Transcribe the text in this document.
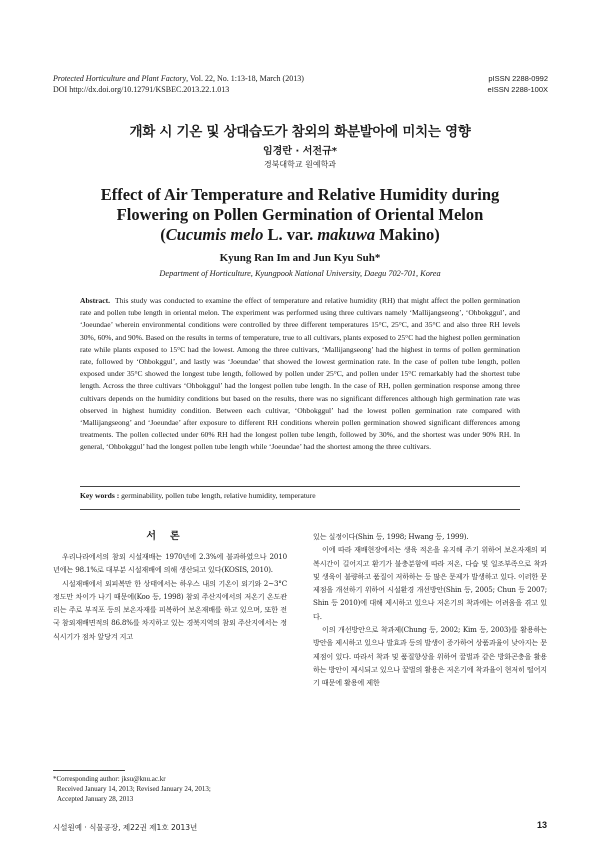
Protected Horticulture and Plant Factory, Vol. 22, No. 1:13-18, March (2013)
DOI http://dx.doi.org/10.12791/KSBEC.2013.22.1.013
pISSN 2288-0992
eISSN 2288-100X
개화 시 기온 및 상대습도가 참외의 화분발아에 미치는 영향
임경란 · 서전규*
경북대학교 원예학과
Effect of Air Temperature and Relative Humidity during
Flowering on Pollen Germination of Oriental Melon
(Cucumis melo L. var. makuwa Makino)
Kyung Ran Im and Jun Kyu Suh*
Department of Horticulture, Kyungpook National University, Daegu 702-701, Korea
Abstract. This study was conducted to examine the effect of temperature and relative humidity (RH) that might affect the pollen germination rate and pollen tube length in oriental melon. The experiment was performed using three cultivars namely ‘Mallijangseong’, ‘Ohbokggul’, and ‘Joeundae’ wherein environmental conditions were controlled by three different temperatures 15°C, 25°C, and 35°C and also three RH levels 30%, 60%, and 90%. Based on the results in terms of temperature, true to all cultivars, plants exposed to 25°C had the highest pollen germination rate while plants exposed to 15°C had the lowest. Among the three cultivars, ‘Mallijangseong’ had the highest in terms of pollen germination rate, followed by ‘Ohbokggul’, and lastly was ‘Joeundae’ that showed the lowest germination rate. In the case of pollen tube length, pollen exposed under 35°C showed the longest tube length, followed by pollen under 25°C, and pollen under 15°C remarkably had the shortest tube length. Across the three cultivars ‘Ohbokggul’ had the longest pollen tube length. In the case of RH, pollen germination response among three cultivars depends on the humidity conditions but based on the results, there was no significant differences although high germination rate was observed in highest humidity condition. Between each cultivar, ‘Ohbokggul’ had the lowest pollen germination rate compared with ‘Mallijangseong’ and ‘Joeundae’ after exposure to different RH conditions wherein pollen germination showed significant differences among treatments. The pollen collected under 60% RH had the longest pollen tube length, followed by 30%, and the shortest was under 90% RH. In general, ‘Ohbokggul’ had the longest pollen tube length while ‘Joeundae’ had the shortest among the three cultivars.
Key words : germinability, pollen tube length, relative humidity, temperature
서론

우리나라에서의 참외 시설재배는 1970년에 2.3%에 불과하였으나 2010년에는 98.1%로 대부분 시설재배에 의해 생산되고 있다(KOSIS, 2010).

시설재배에서 외피복만 한 상태에서는 하우스 내의 기온이 외기와 2~3°C 정도만 차이가 나기 때문에(Koo 등, 1998) 참외 주산지에서의 저온기 온도관리는 주로 부직포 등의 보온자재를 피복하여 보온재배를 하고 있으며, 또한 전국 참외재배면적의 86.8%를 차지하고 있는 경북지역의 참외 주산지에서는 정식시기가 점차 앞당겨 지고

있는 실정이다(Shin 등, 1998; Hwang 등, 1999).

이에 따라 재배현장에서는 생육 적온을 유지해 주기 위하여 보온자재의 피복시간이 길어지고 환기가 불충분함에 따라 저온, 다습 및 일조부족으로 착과 및 생육이 불량하고 품질이 저하하는 등 많은 문제가 발생하고 있다. 이러한 문제점을 개선하기 위하여 시설환경 개선방안(Shin 등, 2005; Chun 등 2007; Shin 등 2010)에 대해 제시하고 있으나 저온기의 착과에는 어려움을 겪고 있다.

이의 개선방안으로 착과제(Chung 등, 2002; Kim 등, 2003)를 활용하는 방안을 제시하고 있으나 발효과 등의 발생이 증가하여 상품과율이 낮아지는 문제점이 있다. 따라서 착과 및 품질향상을 위하여 꿀벌과 같은 방화곤충을 활용하는 방안이 제시되고 있으나 꿀벌의 활용은 저온기에 착과율이 현저히 떨어지기 때문에 활용에 제한

*Corresponding author: jksu@knu.ac.kr
Received January 14, 2013; Revised January 24, 2013;
Accepted January 28, 2013
시설원예 · 식물공장, 제22권 제1호 2013년	13
